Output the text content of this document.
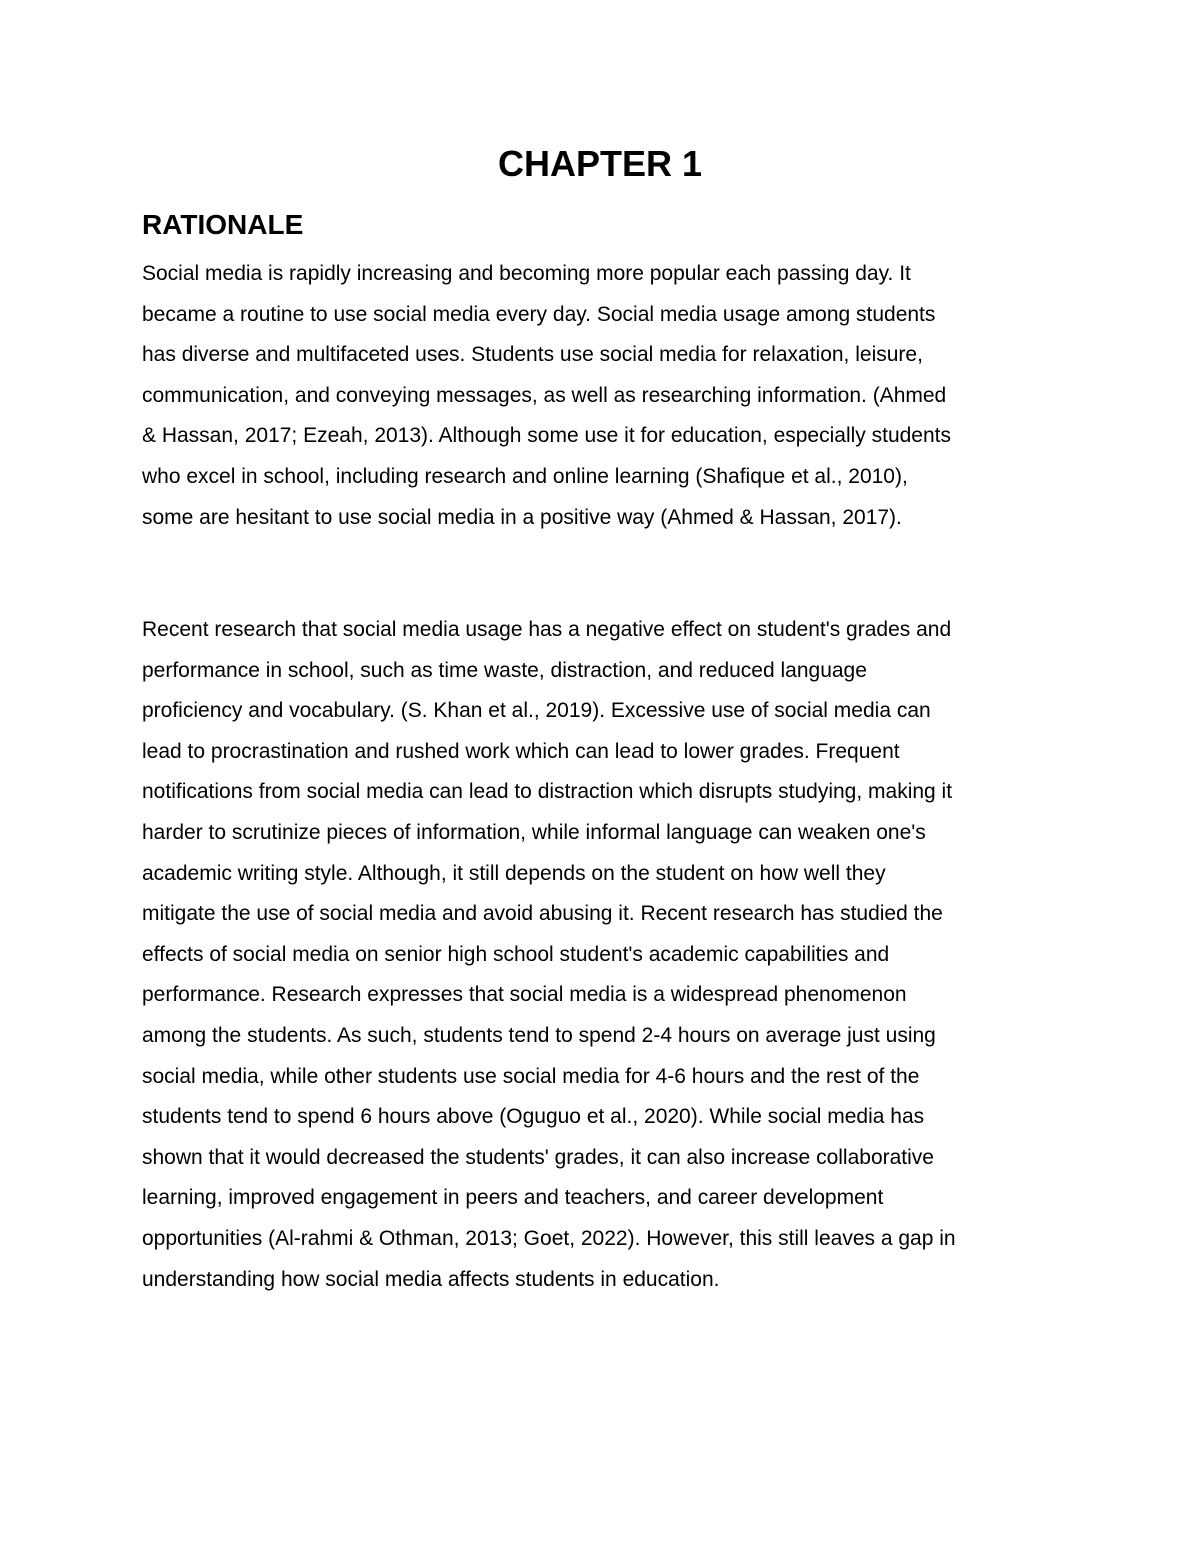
CHAPTER 1
RATIONALE

Social media is rapidly increasing and becoming more popular each passing day. It
became a routine to use social media every day. Social media usage among students
has diverse and multifaceted uses. Students use social media for relaxation, leisure,
communication, and conveying messages, as well as researching information. (Ahmed
& Hassan, 2017; Ezeah, 2013). Although some use it for education, especially students
who excel in school, including research and online learning (Shafique et al., 2010),
some are hesitant to use social media in a positive way (Ahmed & Hassan, 2017).

Recent research that social media usage has a negative effect on student's grades and
performance in school, such as time waste, distraction, and reduced language
proficiency and vocabulary. (S. Khan et al., 2019). Excessive use of social media can
lead to procrastination and rushed work which can lead to lower grades. Frequent
notifications from social media can lead to distraction which disrupts studying, making it
harder to scrutinize pieces of information, while informal language can weaken one's
academic writing style. Although, it still depends on the student on how well they
mitigate the use of social media and avoid abusing it. Recent research has studied the
effects of social media on senior high school student's academic capabilities and
performance. Research expresses that social media is a widespread phenomenon
among the students. As such, students tend to spend 2-4 hours on average just using
social media, while other students use social media for 4-6 hours and the rest of the
students tend to spend 6 hours above (Oguguo et al., 2020). While social media has
shown that it would decreased the students' grades, it can also increase collaborative
learning, improved engagement in peers and teachers, and career development
opportunities (Al-rahmi & Othman, 2013; Goet, 2022). However, this still leaves a gap in
understanding how social media affects students in education.
